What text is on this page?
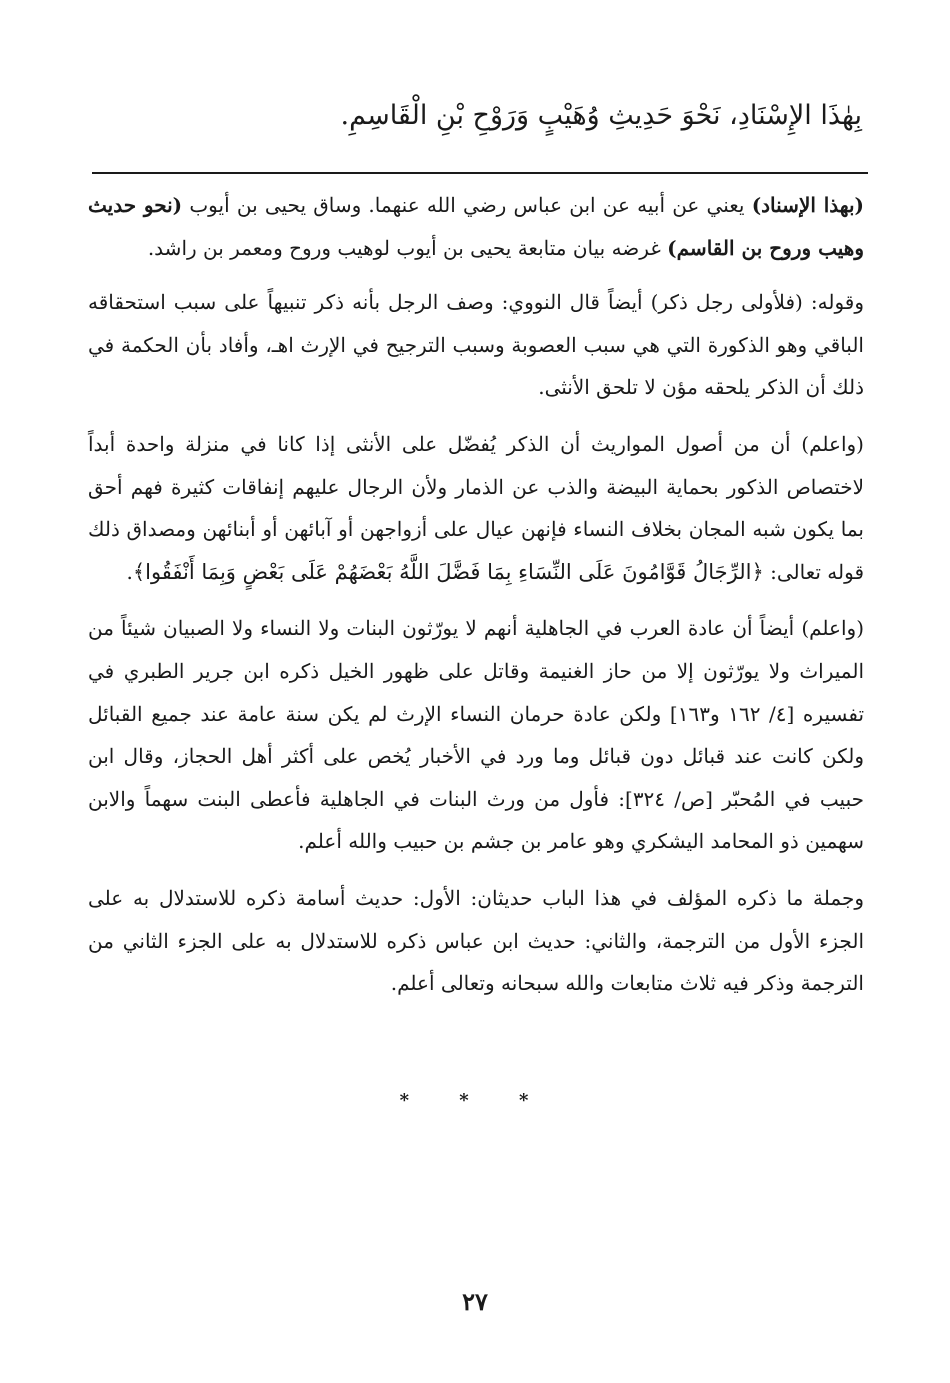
بِهٰذَا الإِسْنَادِ، نَحْوَ حَدِيثِ وُهَيْبٍ وَرَوْحِ بْنِ الْقَاسِمِ.

(بهذا الإسناد) يعني عن أبيه عن ابن عباس رضي الله عنهما. وساق يحيى بن أيوب (نحو حديث وهيب وروح بن القاسم) غرضه بيان متابعة يحيى بن أيوب لوهيب وروح ومعمر بن راشد.

وقوله: (فلأولى رجل ذكر) أيضاً قال النووي: وصف الرجل بأنه ذكر تنبيهاً على سبب استحقاقه الباقي وهو الذكورة التي هي سبب العصوبة وسبب الترجيح في الإرث اهـ، وأفاد بأن الحكمة في ذلك أن الذكر يلحقه مؤن لا تلحق الأنثى.

(واعلم) أن من أصول المواريث أن الذكر يُفضّل على الأنثى إذا كانا في منزلة واحدة أبداً لاختصاص الذكور بحماية البيضة والذب عن الذمار ولأن الرجال عليهم إنفاقات كثيرة فهم أحق بما يكون شبه المجان بخلاف النساء فإنهن عيال على أزواجهن أو آبائهن أو أبنائهن ومصداق ذلك قوله تعالى: ﴿الرِّجَالُ قَوَّامُونَ عَلَى النِّسَاءِ بِمَا فَضَّلَ اللَّهُ بَعْضَهُمْ عَلَى بَعْضٍ وَبِمَا أَنْفَقُوا﴾.

(واعلم) أيضاً أن عادة العرب في الجاهلية أنهم لا يورّثون البنات ولا النساء ولا الصبيان شيئاً من الميراث ولا يورّثون إلا من حاز الغنيمة وقاتل على ظهور الخيل ذكره ابن جرير الطبري في تفسيره [٤/ ١٦٢ و١٦٣] ولكن عادة حرمان النساء الإرث لم يكن سنة عامة عند جميع القبائل ولكن كانت عند قبائل دون قبائل وما ورد في الأخبار يُخص على أكثر أهل الحجاز، وقال ابن حبيب في المُحبّر [ص/ ٣٢٤]: فأول من ورث البنات في الجاهلية فأعطى البنت سهماً والابن سهمين ذو المحامد اليشكري وهو عامر بن جشم بن حبيب والله أعلم.

وجملة ما ذكره المؤلف في هذا الباب حديثان: الأول: حديث أسامة ذكره للاستدلال به على الجزء الأول من الترجمة، والثاني: حديث ابن عباس ذكره للاستدلال به على الجزء الثاني من الترجمة وذكر فيه ثلاث متابعات والله سبحانه وتعالى أعلم.

* * *
٢٧
